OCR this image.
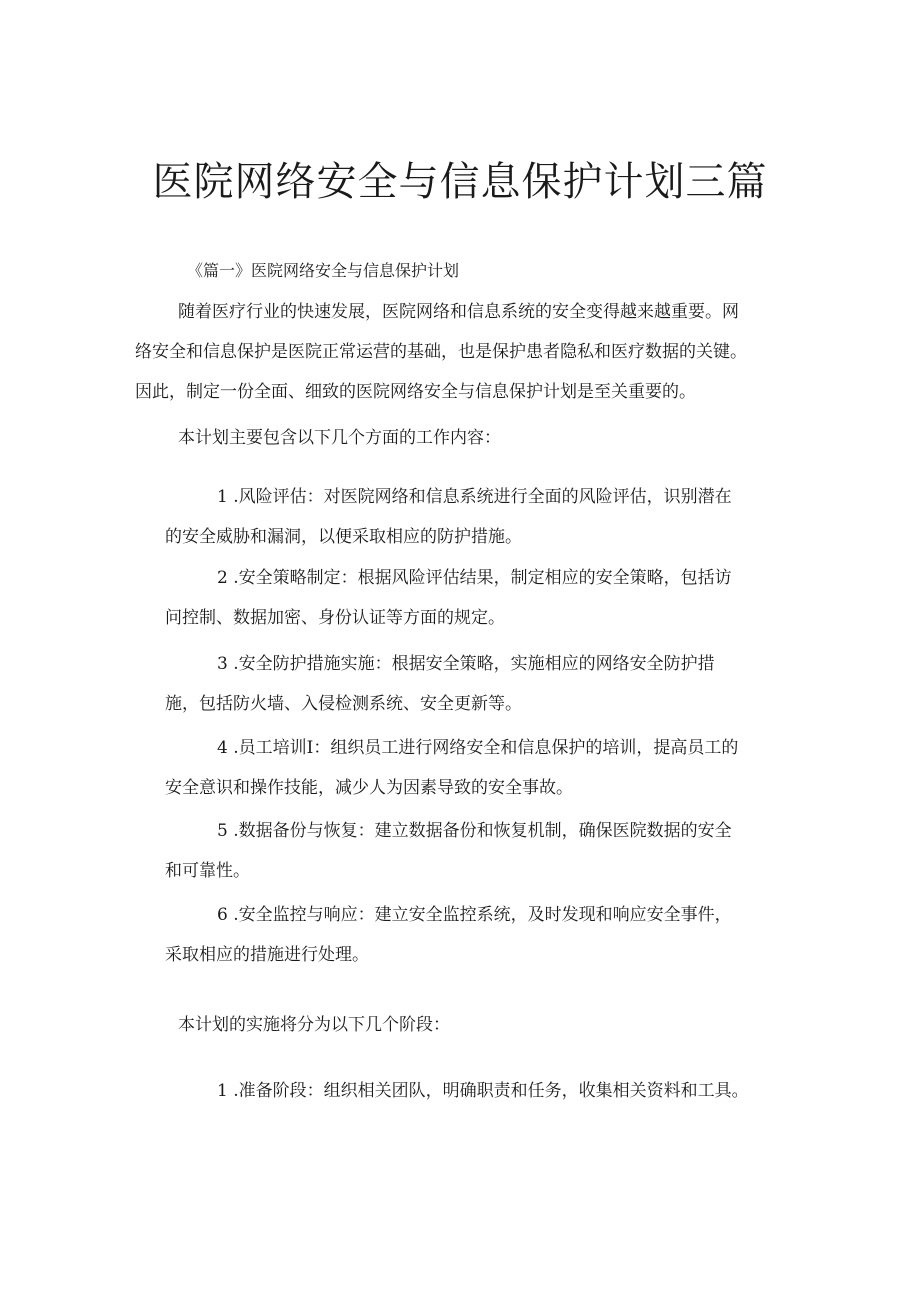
医院网络安全与信息保护计划三篇
《篇一》医院网络安全与信息保护计划
随着医疗行业的快速发展，医院网络和信息系统的安全变得越来越重要。网
络安全和信息保护是医院正常运营的基础，也是保护患者隐私和医疗数据的关键。
因此，制定一份全面、细致的医院网络安全与信息保护计划是至关重要的。
本计划主要包含以下几个方面的工作内容：
1 .风险评估：对医院网络和信息系统进行全面的风险评估，识别潜在
的安全威胁和漏洞，以便采取相应的防护措施。
2 .安全策略制定：根据风险评估结果，制定相应的安全策略，包括访
问控制、数据加密、身份认证等方面的规定。
3 .安全防护措施实施：根据安全策略，实施相应的网络安全防护措
施，包括防火墙、入侵检测系统、安全更新等。
4 .员工培训I：组织员工进行网络安全和信息保护的培训，提高员工的
安全意识和操作技能，减少人为因素导致的安全事故。
5 .数据备份与恢复：建立数据备份和恢复机制，确保医院数据的安全
和可靠性。
6 .安全监控与响应：建立安全监控系统，及时发现和响应安全事件，
采取相应的措施进行处理。
本计划的实施将分为以下几个阶段：
1 .准备阶段：组织相关团队，明确职责和任务，收集相关资料和工具。
